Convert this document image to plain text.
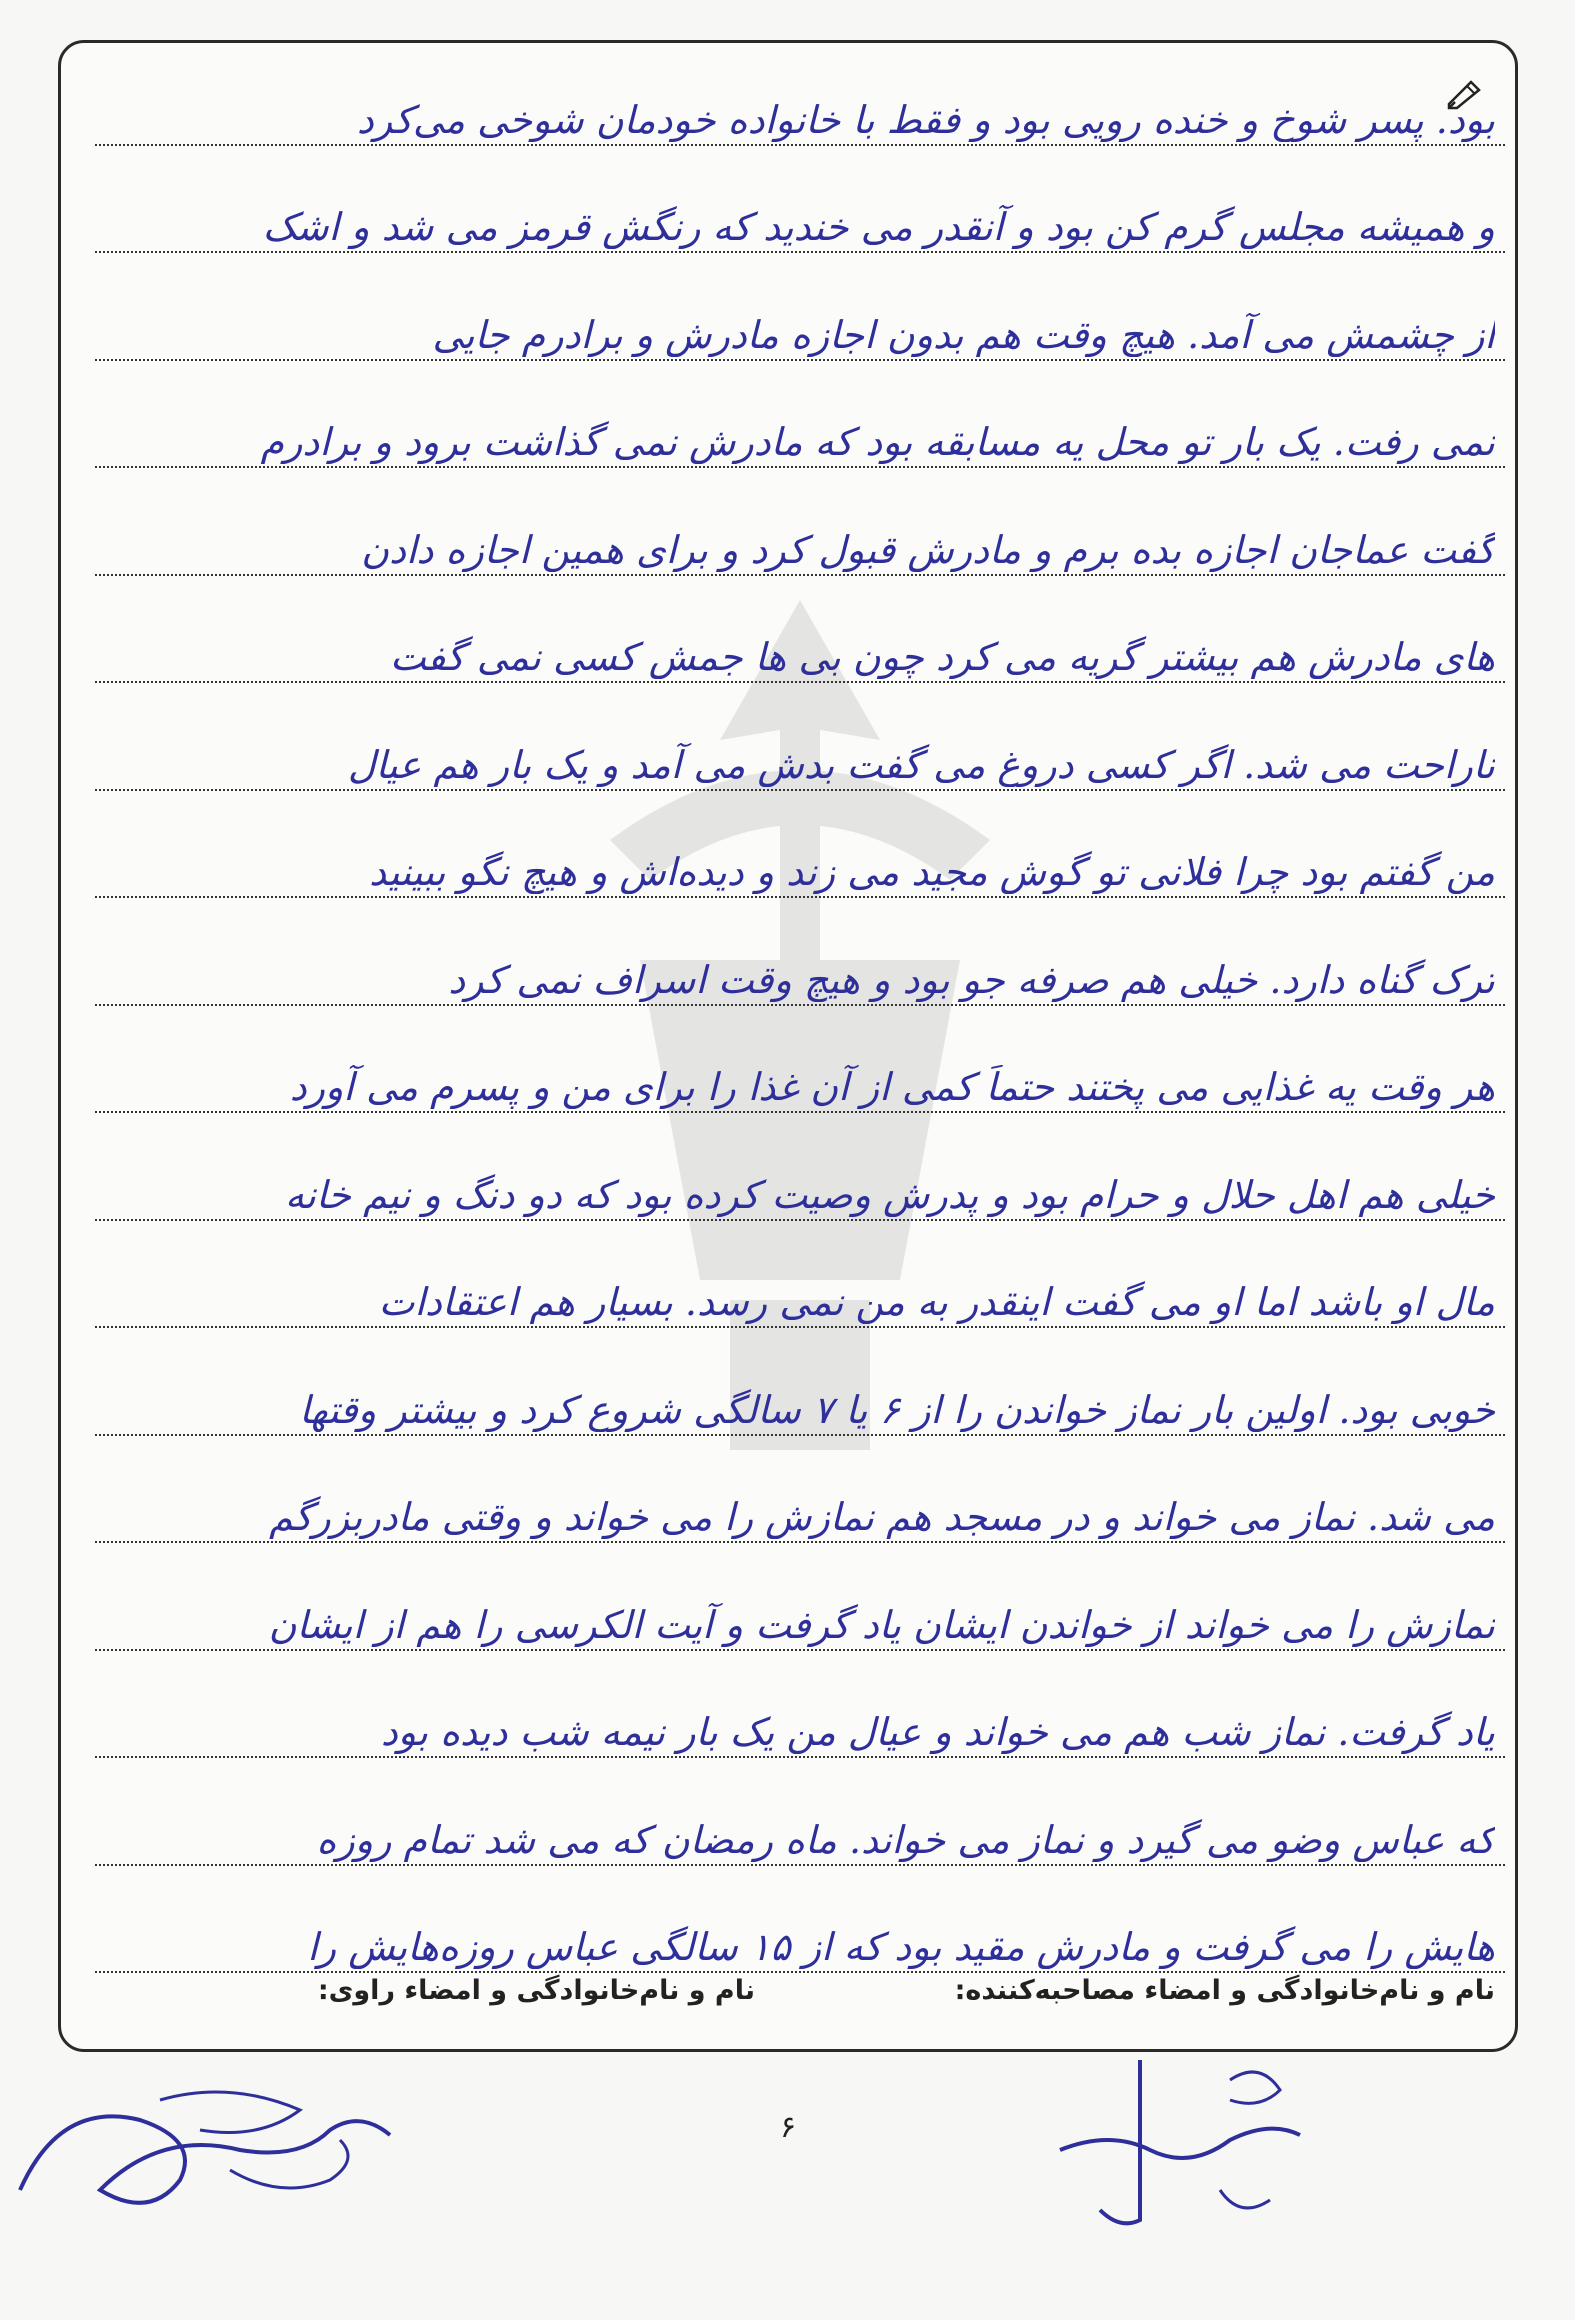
بود. پسر شوخ و خنده رویی بود و فقط با خانواده خودمان شوخی می‌کرد
و همیشه مجلس گرم کن بود و آنقدر می خندید که رنگش قرمز می شد و اشک
از چشمش می آمد. هیچ وقت هم بدون اجازه مادرش و برادرم جایی
نمی رفت. یک بار تو محل یه مسابقه بود که مادرش نمی گذاشت برود و برادرم
گفت عماجان اجازه بده برم و مادرش قبول کرد و برای همین اجازه دادن
های مادرش هم بیشتر گریه می کرد چون بی ها جمش کسی نمی گفت
ناراحت می شد. اگر کسی دروغ می گفت بدش می آمد و یک بار هم عیال
من گفتم بود چرا فلانی تو گوش مجید می زند و دیده‌اش و هیچ نگو ببینید
ترک گناه دارد. خیلی هم صرفه جو بود و هیچ وقت اسراف نمی کرد
هر وقت یه غذایی می پختند حتماً کمی از آن غذا را برای من و پسرم می آورد
خیلی هم اهل حلال و حرام بود و پدرش وصیت کرده بود که دو دنگ و نیم خانه
مال او باشد اما او می گفت اینقدر به من نمی رسد. بسیار هم اعتقادات
خوبی بود. اولین بار نماز خواندن را از ۶ یا ۷ سالگی شروع کرد و بیشتر وقتها
می شد. نماز می خواند و در مسجد هم نمازش را می خواند و وقتی مادربزرگم
نمازش را می خواند از خواندن ایشان یاد گرفت و آیت الکرسی را هم از ایشان
یاد گرفت. نماز شب هم می خواند و عیال من یک بار نیمه شب دیده بود
که عباس وضو می گیرد و نماز می خواند. ماه رمضان که می شد تمام روزه
هایش را می گرفت و مادرش مقید بود که از ۱۵ سالگی عباس روزه‌هایش را
نام و نام‌خانوادگی و امضاء مصاحبه‌کننده:
نام و نام‌خانوادگی و امضاء راوی:
۶
